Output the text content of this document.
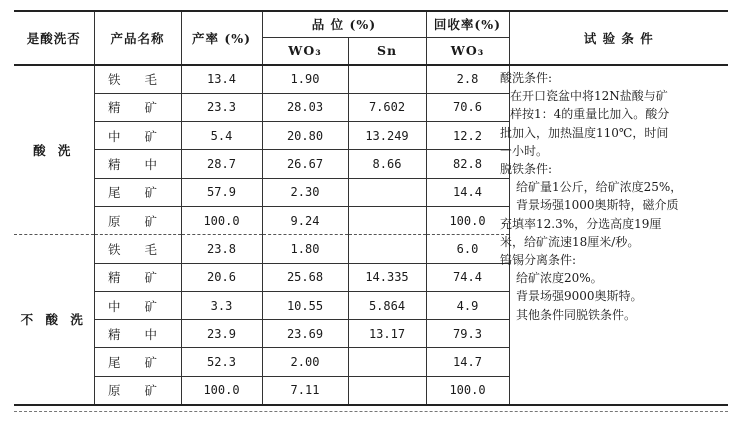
是酸洗否	产品名称	产率 (%)	品 位 (%)		回收率(%)	试 验 条 件
			WO₃	Sn	WO₃	
酸 洗	铁 毛	13.4	1.90		2.8	
	精 矿	23.3	28.03	7.602	70.6	
	中 矿	5.4	20.80	13.249	12.2	
	精 中	28.7	26.67	8.66	82.8	
	尾 矿	57.9	2.30		14.4	
	原 矿	100.0	9.24		100.0	
不 酸 洗	铁 毛	23.8	1.80		6.0	
	精 矿	20.6	25.68	14.335	74.4	
	中 矿	3.3	10.55	5.864	4.9	
	精 中	23.9	23.69	13.17	79.3	
	尾 矿	52.3	2.00		14.7	
	原 矿	100.0	7.11		100.0	

酸洗条件:

在开口瓷盆中将12N盐酸与矿

样按1：4的重量比加入。酸分

批加入，加热温度110℃，时间

一小时。

脱铁条件:

给矿量1公斤，给矿浓度25%，

背景场强1000奥斯特，磁介质

充填率12.3%，分选高度19厘

米，给矿流速18厘米/秒。

钨锡分离条件:

给矿浓度20%。

背景场强9000奥斯特。

其他条件同脱铁条件。
